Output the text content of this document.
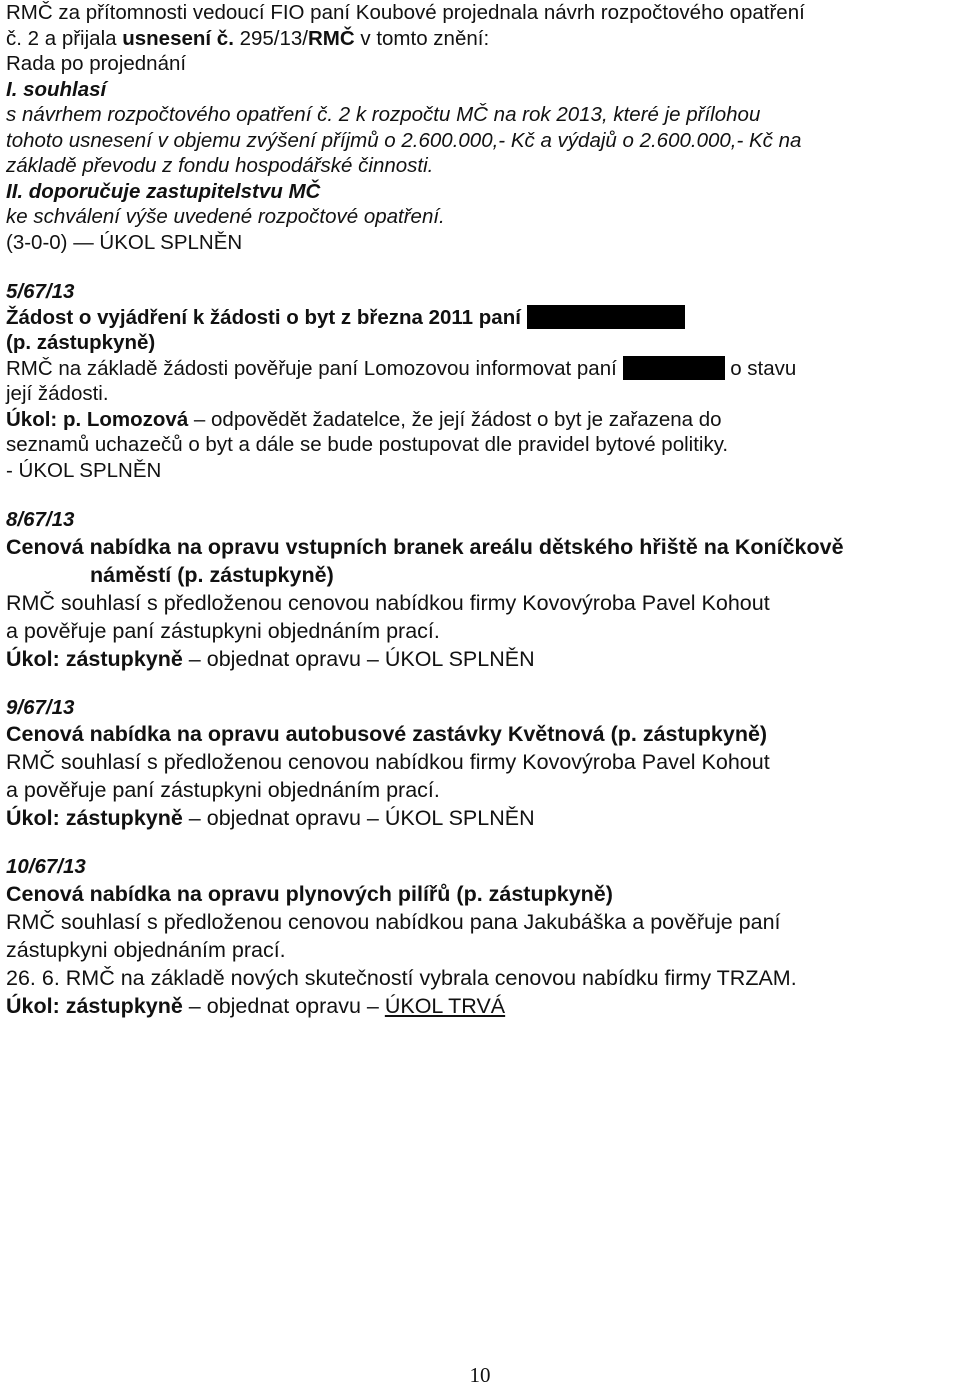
RMČ za přítomnosti vedoucí FIO paní Koubové projednala návrh rozpočtového opatření

č. 2 a přijala usnesení č. 295/13/RMČ v tomto znění:

Rada po projednání

I. souhlasí

s návrhem rozpočtového opatření č. 2 k rozpočtu MČ na rok 2013, které je přílohou

tohoto usnesení v objemu zvýšení příjmů o 2.600.000,- Kč a výdajů o 2.600.000,- Kč na

základě převodu z fondu hospodářské činnosti.

II. doporučuje zastupitelstvu MČ

ke schválení výše uvedené rozpočtové opatření.

(3-0-0) — ÚKOL SPLNĚN

5/67/13

Žádost o vyjádření k žádosti o byt z března 2011 paní

(p. zástupkyně)

RMČ na základě žádosti pověřuje paní Lomozovou informovat paní	o stavu

její žádosti.

Úkol: p. Lomozová – odpovědět žadatelce, že její žádost o byt je zařazena do

seznamů uchazečů o byt a dále se bude postupovat dle pravidel bytové politiky.

- ÚKOL SPLNĚN

8/67/13

Cenová nabídka na opravu vstupních branek areálu dětského hřiště na Koníčkově

náměstí (p. zástupkyně)

RMČ souhlasí s předloženou cenovou nabídkou firmy Kovovýroba Pavel Kohout

a pověřuje paní zástupkyni objednáním prací.

Úkol: zástupkyně – objednat opravu – ÚKOL SPLNĚN

9/67/13

Cenová nabídka na opravu autobusové zastávky Květnová (p. zástupkyně)

RMČ souhlasí s předloženou cenovou nabídkou firmy Kovovýroba Pavel Kohout

a pověřuje paní zástupkyni objednáním prací.

Úkol: zástupkyně – objednat opravu – ÚKOL SPLNĚN

10/67/13

Cenová nabídka na opravu plynových pilířů (p. zástupkyně)

RMČ souhlasí s předloženou cenovou nabídkou pana Jakubáška a pověřuje paní

zástupkyni objednáním prací.

26. 6. RMČ na základě nových skutečností vybrala cenovou nabídku firmy TRZAM.

Úkol: zástupkyně – objednat opravu – ÚKOL TRVÁ

10
